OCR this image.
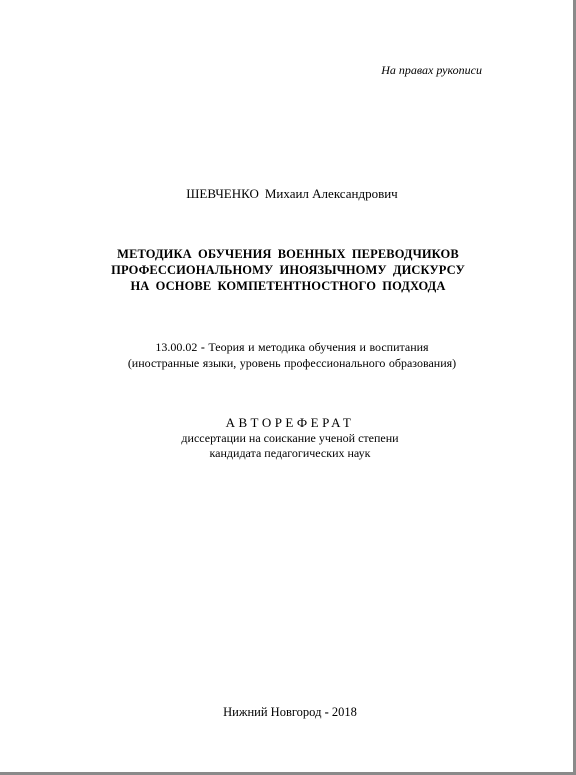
На правах рукописи
ШЕВЧЕНКО Михаил Александрович
МЕТОДИКА ОБУЧЕНИЯ ВОЕННЫХ ПЕРЕВОДЧИКОВ
ПРОФЕССИОНАЛЬНОМУ ИНОЯЗЫЧНОМУ ДИСКУРСУ
НА ОСНОВЕ КОМПЕТЕНТНОСТНОГО ПОДХОДА
13.00.02 - Теория и методика обучения и воспитания
(иностранные языки, уровень профессионального образования)
АВТОРЕФЕРАТ
диссертации на соискание ученой степени
кандидата педагогических наук
Нижний Новгород - 2018
